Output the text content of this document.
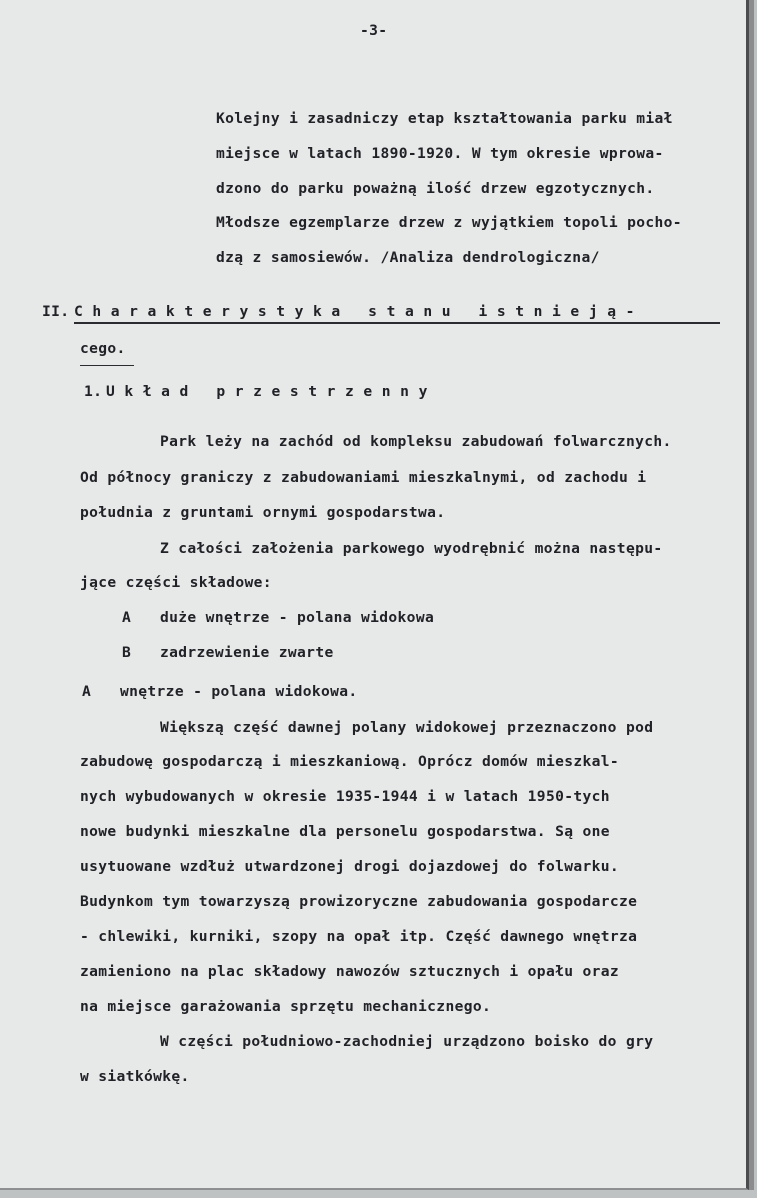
-3-
Kolejny i zasadniczy etap kształtowania parku miał
miejsce w latach 1890-1920. W tym okresie wprowa-
dzono do parku poważną ilość drzew egzotycznych.
Młodsze egzemplarze drzew z wyjątkiem topoli pocho-
dzą z samosiewów. /Analiza dendrologiczna/
II. Charakterystyka stanu istnieją-
cego.
1. Układ przestrzenny
Park leży na zachód od kompleksu zabudowań folwarcznych.
Od północy graniczy z zabudowaniami mieszkalnymi, od zachodu i
południa z gruntami ornymi gospodarstwa.
Z całości założenia parkowego wyodrębnić można następu-
jące części składowe:
A duże wnętrze - polana widokowa
B zadrzewienie zwarte
A wnętrze - polana widokowa.
Większą część dawnej polany widokowej przeznaczono pod
zabudowę gospodarczą i mieszkaniową. Oprócz domów mieszkal-
nych wybudowanych w okresie 1935-1944 i w latach 1950-tych
nowe budynki mieszkalne dla personelu gospodarstwa. Są one
usytuowane wzdłuż utwardzonej drogi dojazdowej do folwarku.
Budynkom tym towarzyszą prowizoryczne zabudowania gospodarcze
- chlewiki, kurniki, szopy na opał itp. Część dawnego wnętrza
zamieniono na plac składowy nawozów sztucznych i opału oraz
na miejsce garażowania sprzętu mechanicznego.
W części południowo-zachodniej urządzono boisko do gry
w siatkówkę.
